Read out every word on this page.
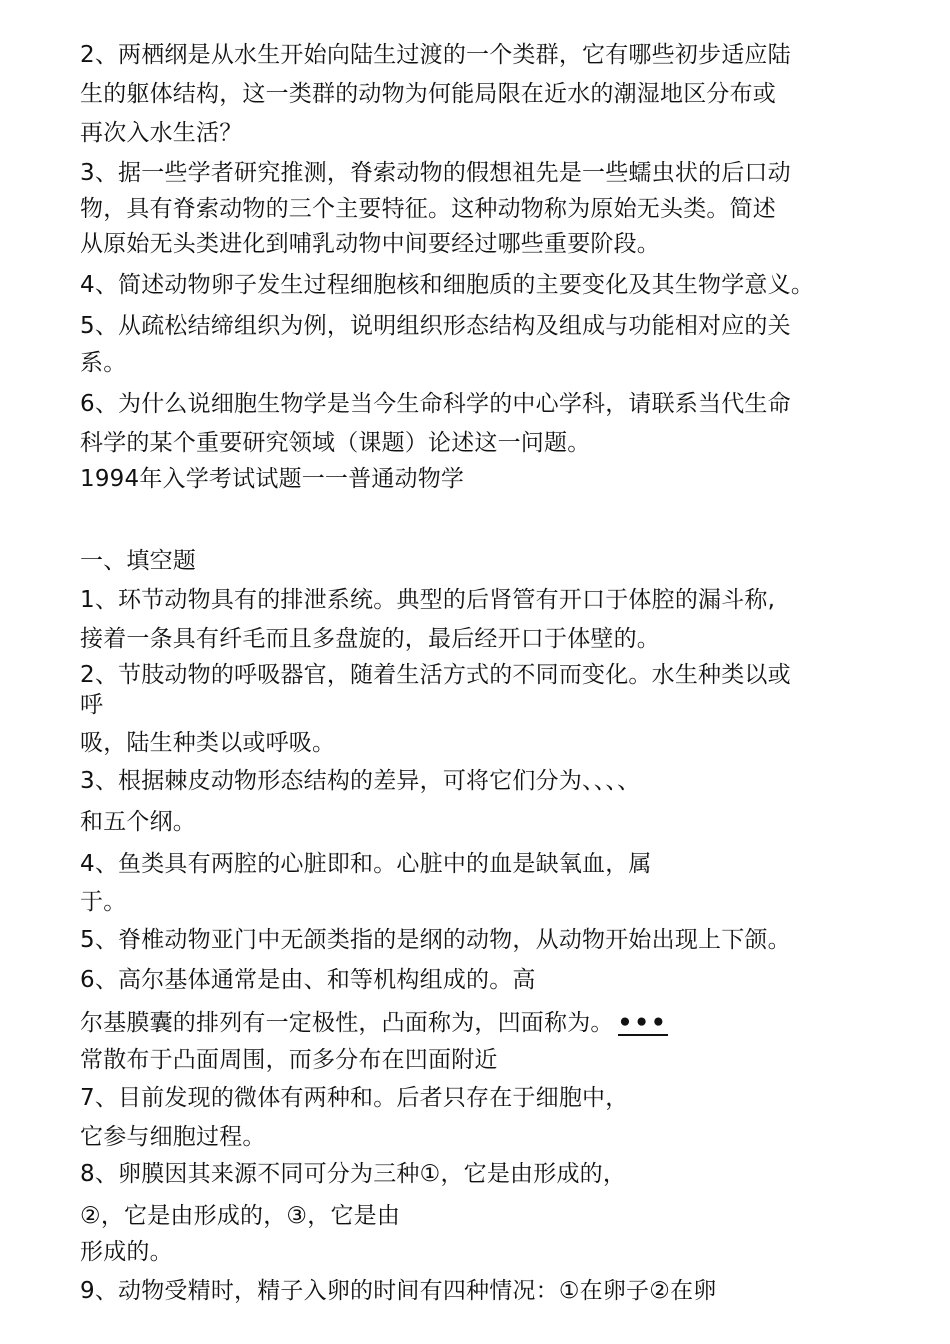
2、两栖纲是从水生开始向陆生过渡的一个类群，它有哪些初步适应陆
生的躯体结构，这一类群的动物为何能局限在近水的潮湿地区分布或
再次入水生活？
3、据一些学者研究推测，脊索动物的假想祖先是一些蠕虫状的后口动
物，具有脊索动物的三个主要特征。这种动物称为原始无头类。简述
从原始无头类进化到哺乳动物中间要经过哪些重要阶段。
4、简述动物卵子发生过程细胞核和细胞质的主要变化及其生物学意义。
5、从疏松结缔组织为例，说明组织形态结构及组成与功能相对应的关
系。
6、为什么说细胞生物学是当今生命科学的中心学科，请联系当代生命
科学的某个重要研究领域（课题）论述这一问题。
1994年入学考试试题一一普通动物学
一、填空题
1、环节动物具有的排泄系统。典型的后肾管有开口于体腔的漏斗称,
接着一条具有纤毛而且多盘旋的，最后经开口于体壁的。
2、节肢动物的呼吸器官，随着生活方式的不同而变化。水生种类以或
呼
吸，陆生种类以或呼吸。
3、根据棘皮动物形态结构的差异，可将它们分为、、、、
和五个纲。
4、鱼类具有两腔的心脏即和。心脏中的血是缺氧血，属
于。
5、脊椎动物亚门中无颌类指的是纲的动物，从动物开始出现上下颌。
6、高尔基体通常是由、和等机构组成的。高
尔基膜囊的排列有一定极性，凸面称为，凹面称为。 •••
常散布于凸面周围，而多分布在凹面附近
7、目前发现的微体有两种和。后者只存在于细胞中，
它参与细胞过程。
8、卵膜因其来源不同可分为三种①，它是由形成的，
②，它是由形成的，③，它是由
形成的。
9、动物受精时，精子入卵的时间有四种情况：①在卵子②在卵
